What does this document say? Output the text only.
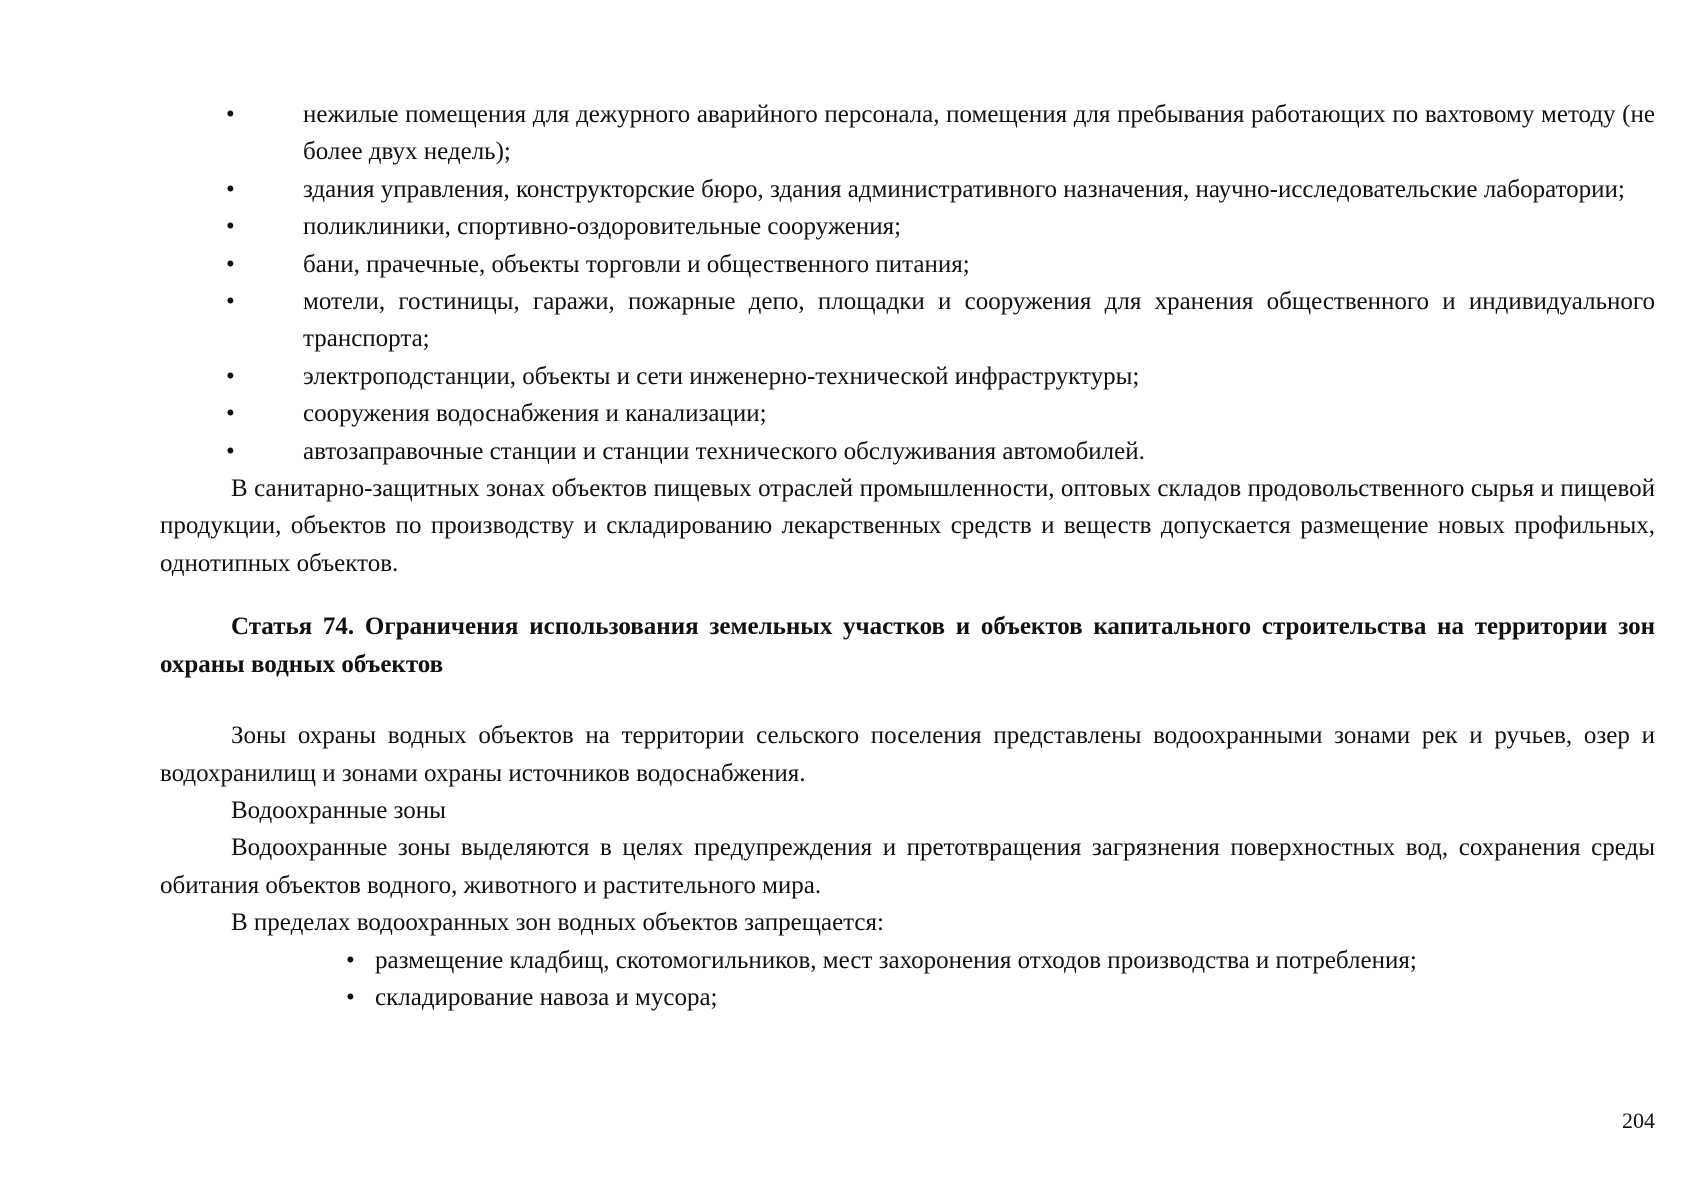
•	нежилые помещения для дежурного аварийного персонала, помещения для пребывания работающих по вахтовому методу (не более двух недель);
•	здания управления, конструкторские бюро, здания административного назначения, научно-исследовательские лаборатории;
•	поликлиники, спортивно-оздоровительные сооружения;
•	бани, прачечные, объекты торговли и общественного питания;
•	мотели, гостиницы, гаражи, пожарные депо, площадки и сооружения для хранения общественного и индивидуального транспорта;
•	электроподстанции, объекты и сети инженерно-технической инфраструктуры;
•	сооружения водоснабжения и канализации;
•	автозаправочные станции и станции технического обслуживания автомобилей.

В санитарно-защитных зонах объектов пищевых отраслей промышленности, оптовых складов продовольственного сырья и пищевой продукции, объектов по производству и складированию лекарственных средств и веществ допускается размещение новых профильных, однотипных объектов.

Статья 74. Ограничения использования земельных участков и объектов капитального строительства на территории зон охраны водных объектов

Зоны охраны водных объектов на территории сельского поселения представлены водоохранными зонами рек и ручьев, озер и водохранилищ и зонами охраны источников водоснабжения.

Водоохранные зоны

Водоохранные зоны выделяются в целях предупреждения и претотвращения загрязнения поверхностных вод, сохранения среды обитания объектов водного, животного и растительного мира.

В пределах водоохранных зон водных объектов запрещается:

• размещение кладбищ, скотомогильников, мест захоронения отходов производства и потребления;
• складирование навоза и мусора;
204
